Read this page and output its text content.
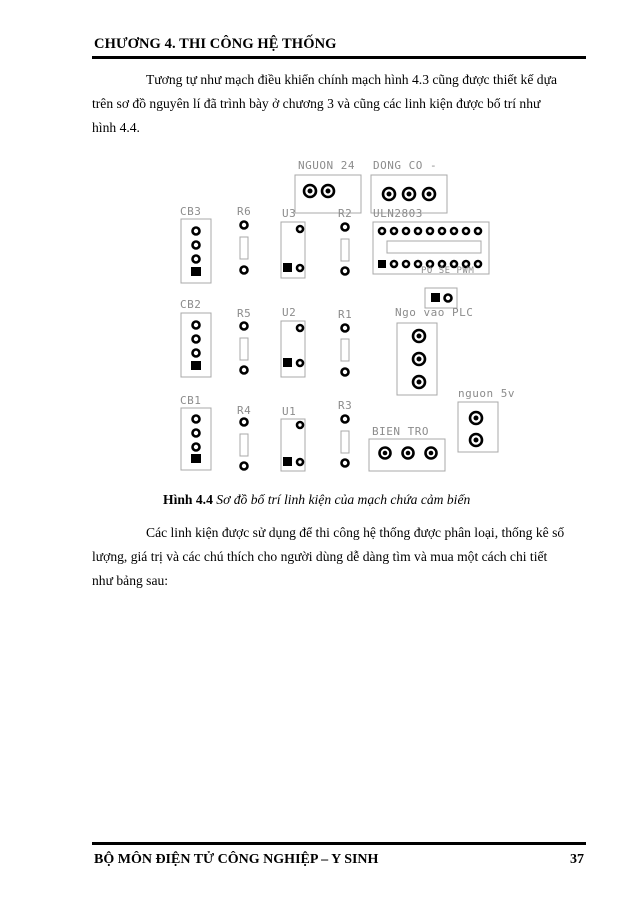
CHƯƠNG 4. THI CÔNG HỆ THỐNG

Tương tự như mạch điều khiển chính mạch hình 4.3 cũng được thiết kế dựa
trên sơ đồ nguyên lí đã trình bày ở chương 3 và cũng các linh kiện được bố trí như
hình 4.4.

NGUON 24 DONG CO -
CB3	R6	U3	R2 ULN2803
PO SE PWM
CB2
R5	U2	R1	Ngo vao PLC
nguon 5v
CB1
R4	U1	R3
BIEN TRO
Hình 4.4 Sơ đồ bố trí linh kiện của mạch chứa cảm biến

Các linh kiện được sử dụng để thi công hệ thống được phân loại, thống kê số
lượng, giá trị và các chú thích cho người dùng dễ dàng tìm và mua một cách chi tiết
như bảng sau:

BỘ MÔN ĐIỆN TỬ CÔNG NGHIỆP – Y SINH	37
